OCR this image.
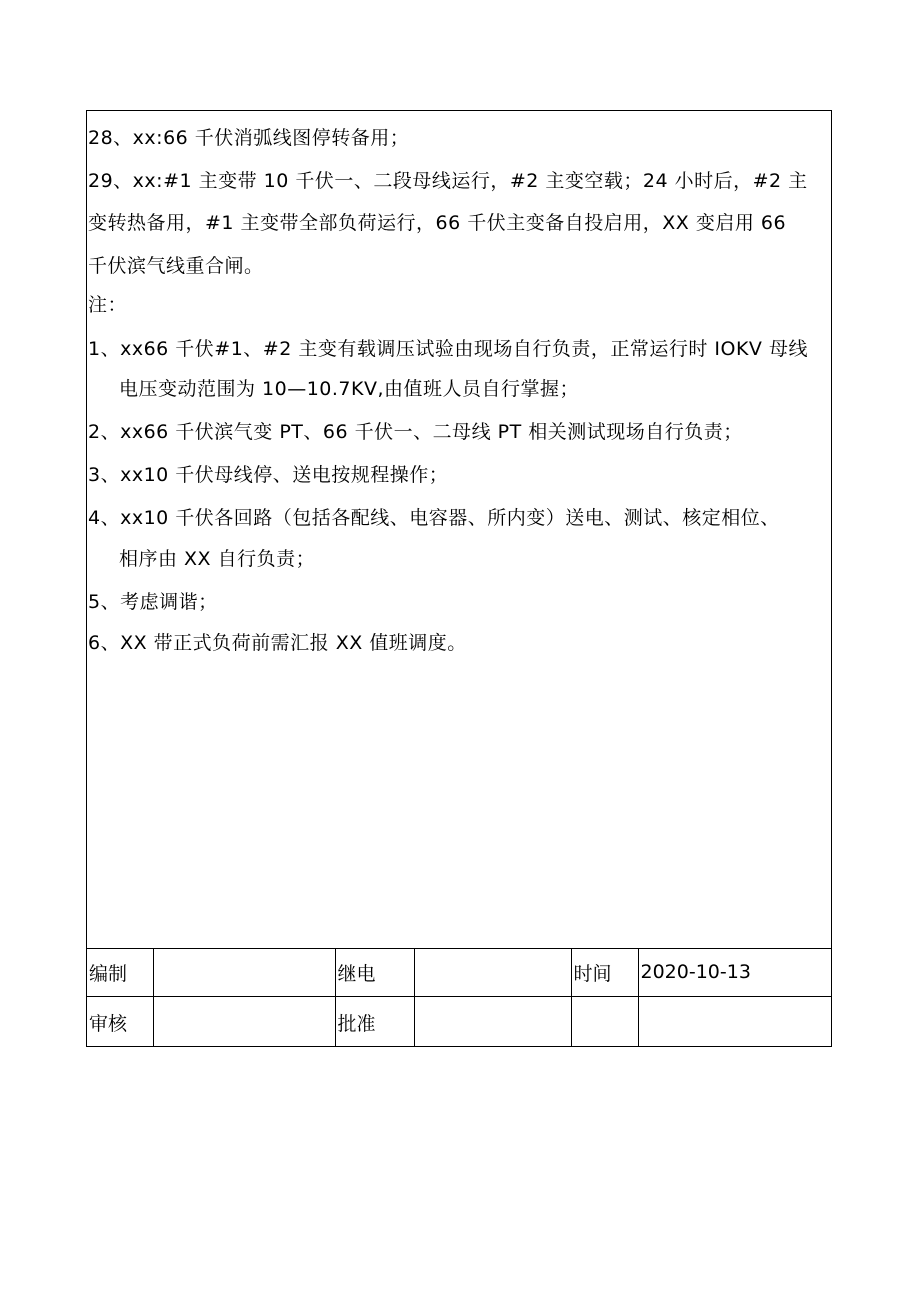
28、xx:66 千伏消弧线图停转备用；
29、xx:#1 主变带 10 千伏一、二段母线运行，#2 主变空载；24 小时后，#2 主
变转热备用，#1 主变带全部负荷运行，66 千伏主变备自投启用，XX 变启用 66
千伏滨气线重合闸。
注：
1、xx66 千伏#1、#2 主变有载调压试验由现场自行负责，正常运行时 IOKV 母线
电压变动范围为 10—10.7KV,由值班人员自行掌握；
2、xx66 千伏滨气变 PT、66 千伏一、二母线 PT 相关测试现场自行负责；
3、xx10 千伏母线停、送电按规程操作；
4、xx10 千伏各回路（包括各配线、电容器、所内变）送电、测试、核定相位、
相序由 XX 自行负责；
5、考虑调谐；
6、XX 带正式负荷前需汇报 XX 值班调度。
编制		继电		时间	2020-10-13
审核		批准			
